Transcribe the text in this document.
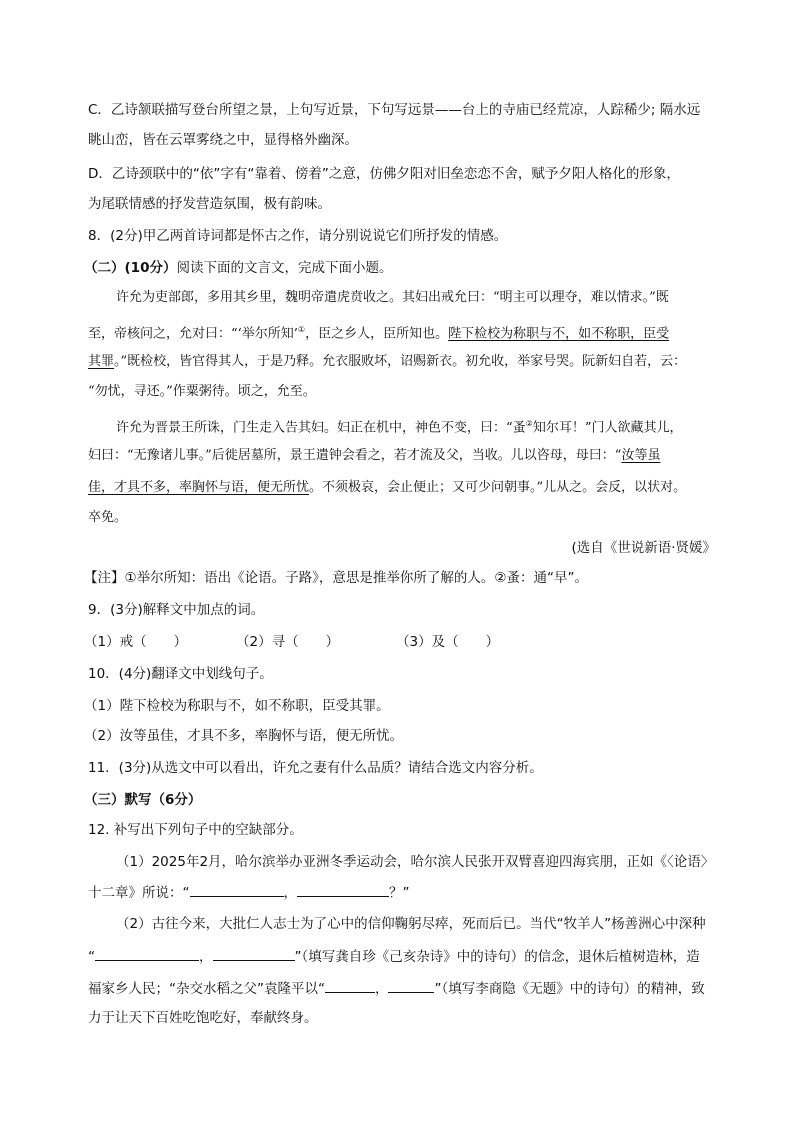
C．乙诗颔联描写登台所望之景，上句写近景，下句写远景——台上的寺庙已经荒凉，人踪稀少; 隔水远
眺山峦，皆在云罩雾绕之中，显得格外幽深。
D．乙诗颈联中的“依”字有“靠着、傍着”之意，仿佛夕阳对旧垒恋恋不舍，赋予夕阳人格化的形象，
为尾联情感的抒发营造氛围，极有韵味。
8．(2分)甲乙两首诗词都是怀古之作，请分别说说它们所抒发的情感。
（二）(10分）阅读下面的文言文，完成下面小题。
许允为吏部郎，多用其乡里，魏明帝遣虎贲收之。其妇出戒允曰：“明主可以理夺，难以情求。”既
至，帝核问之，允对曰：“‘举尔所知’①，臣之乡人，臣所知也。陛下检校为称职与不，如不称职，臣受
其罪。”既检校，皆官得其人，于是乃释。允衣服败坏，诏赐新衣。初允收，举家号哭。阮新妇自若，云：
“勿忧，寻还。”作粟粥待。顷之，允至。
许允为晋景王所诛，门生走入告其妇。妇正在机中，神色不变，曰：“蚤②知尔耳！”门人欲藏其儿，
妇曰：“无豫诸儿事。”后徙居墓所，景王遣钟会看之，若才流及父，当收。儿以咨母，母曰：“汝等虽
佳，才具不多，率胸怀与语，便无所忧。不须极哀，会止便止；又可少问朝事。”儿从之。会反，以状对。
卒免。
(选自《世说新语·贤媛》
【注】①举尔所知：语出《论语。子路》，意思是推举你所了解的人。②蚤：通“早”。
9．(3分)解释文中加点的词。
（1）戒（　　）	（2）寻（　　）	（3）及（　　）
10．(4分)翻译文中划线句子。
（1）陛下检校为称职与不，如不称职，臣受其罪。
（2）汝等虽佳，才具不多，率胸怀与语，便无所忧。
11．(3分)从选文中可以看出，许允之妻有什么品质？请结合选文内容分析。
（三）默写（6分）
12. 补写出下列句子中的空缺部分。
（1）2025年2月，哈尔滨举办亚洲冬季运动会，哈尔滨人民张开双臂喜迎四海宾朋，正如《〈论语〉
十二章》所说：“	，	？”
（2）古往今来，大批仁人志士为了心中的信仰鞠躬尽瘁，死而后已。当代“牧羊人”杨善洲心中深种
“	，	”（填写龚自珍《己亥杂诗》中的诗句）的信念，退休后植树造林，造
福家乡人民；“杂交水稻之父”袁隆平以“	，	”（填写李商隐《无题》中的诗句）的精神，致
力于让天下百姓吃饱吃好，奉献终身。
